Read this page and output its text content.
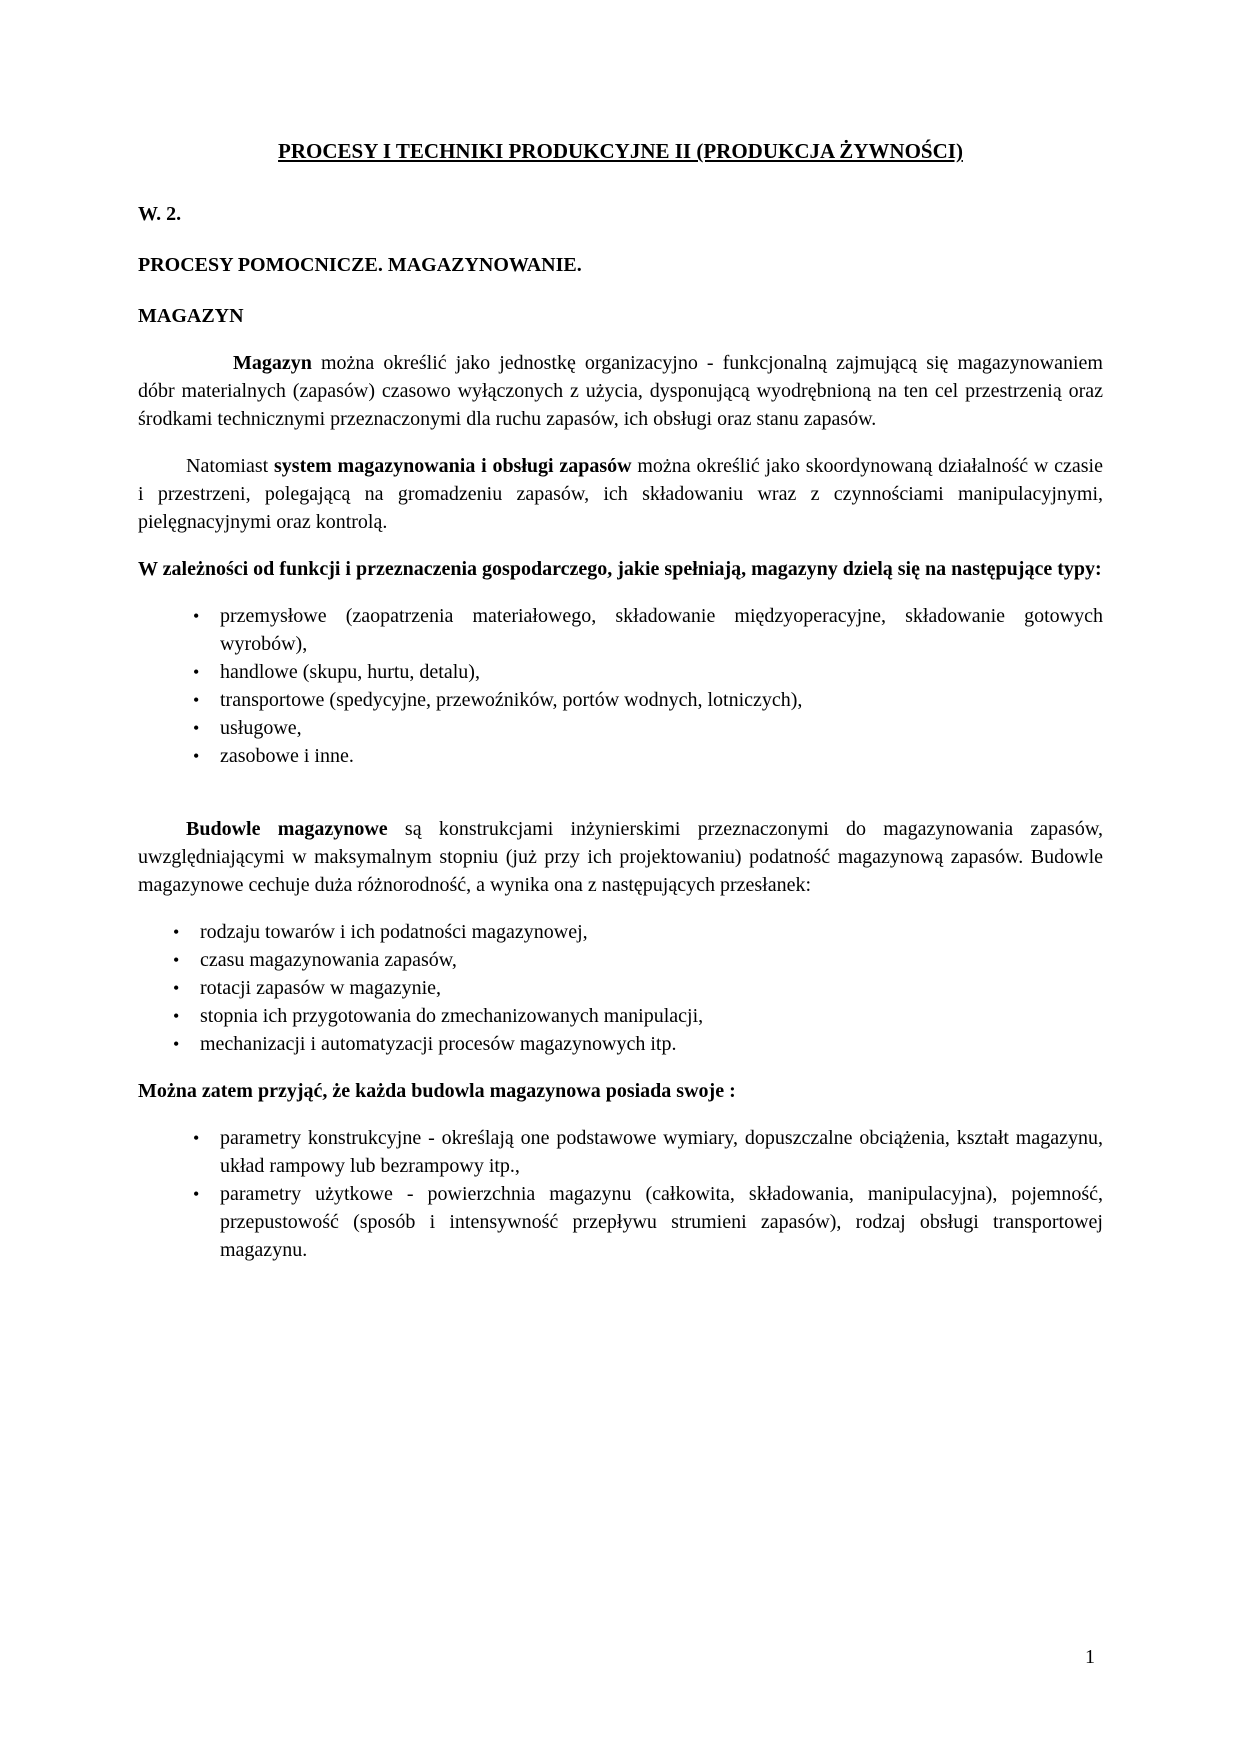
PROCESY I TECHNIKI PRODUKCYJNE II (PRODUKCJA ŻYWNOŚCI)

W. 2.

PROCESY POMOCNICZE. MAGAZYNOWANIE.

MAGAZYN

Magazyn można określić jako jednostkę organizacyjno - funkcjonalną zajmującą się magazynowaniem dóbr materialnych (zapasów) czasowo wyłączonych z użycia, dysponującą wyodrębnioną na ten cel przestrzenią oraz środkami technicznymi przeznaczonymi dla ruchu zapasów, ich obsługi oraz stanu zapasów.

Natomiast system magazynowania i obsługi zapasów można określić jako skoordynowaną działalność w czasie i przestrzeni, polegającą na gromadzeniu zapasów, ich składowaniu wraz z czynnościami manipulacyjnymi, pielęgnacyjnymi oraz kontrolą.

W zależności od funkcji i przeznaczenia gospodarczego, jakie spełniają, magazyny dzielą się na następujące typy:

• przemysłowe (zaopatrzenia materiałowego, składowanie międzyoperacyjne, składowanie gotowych wyrobów),
• handlowe (skupu, hurtu, detalu),
• transportowe (spedycyjne, przewoźników, portów wodnych, lotniczych),
• usługowe,
• zasobowe i inne.

Budowle magazynowe są konstrukcjami inżynierskimi przeznaczonymi do magazynowania zapasów, uwzględniającymi w maksymalnym stopniu (już przy ich projektowaniu) podatność magazynową zapasów. Budowle magazynowe cechuje duża różnorodność, a wynika ona z następujących przesłanek:

• rodzaju towarów i ich podatności magazynowej,
• czasu magazynowania zapasów,
• rotacji zapasów w magazynie,
• stopnia ich przygotowania do zmechanizowanych manipulacji,
• mechanizacji i automatyzacji procesów magazynowych itp.

Można zatem przyjąć, że każda budowla magazynowa posiada swoje :

• parametry konstrukcyjne - określają one podstawowe wymiary, dopuszczalne obciążenia, kształt magazynu, układ rampowy lub bezrampowy itp.,
• parametry użytkowe - powierzchnia magazynu (całkowita, składowania, manipulacyjna), pojemność, przepustowość (sposób i intensywność przepływu strumieni zapasów), rodzaj obsługi transportowej magazynu.
1
